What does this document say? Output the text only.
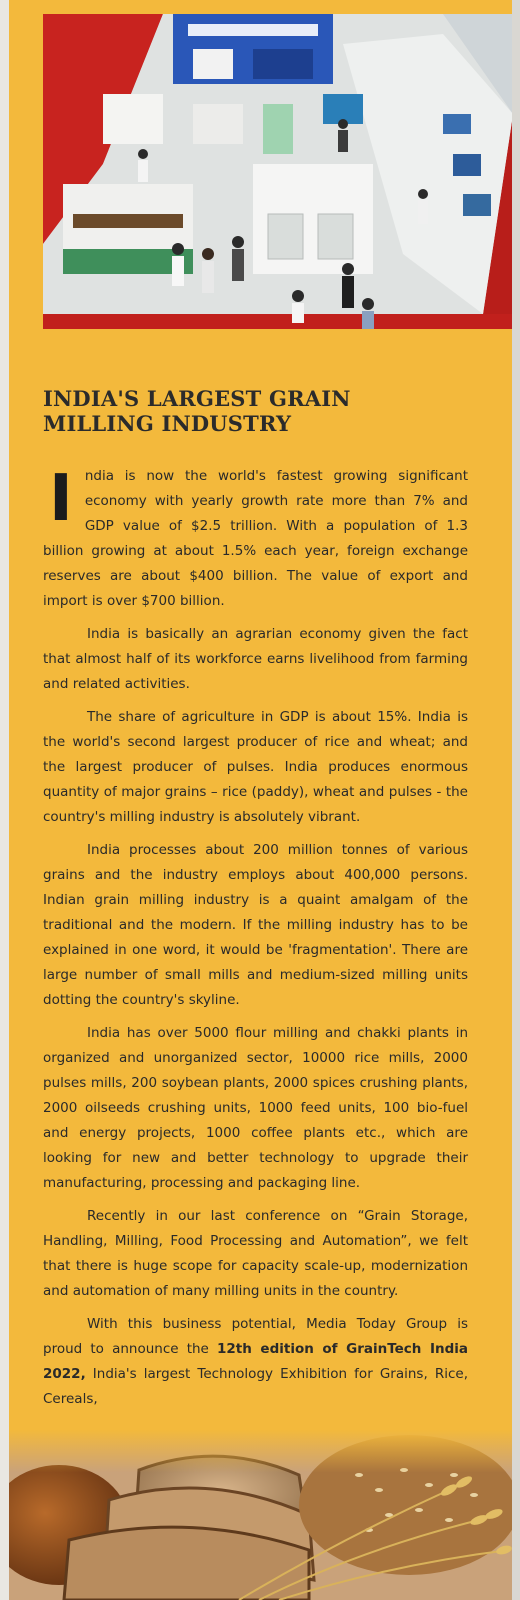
INDIA'S LARGEST GRAIN
MILLING INDUSTRY

India is now the world's fastest growing significant economy with yearly growth rate more than 7% and GDP value of $2.5 trillion. With a population of 1.3 billion growing at about 1.5% each year, foreign exchange reserves are about $400 billion. The value of export and import is over $700 billion.

India is basically an agrarian economy given the fact that almost half of its workforce earns livelihood from farming and related activities.

The share of agriculture in GDP is about 15%. India is the world's second largest producer of rice and wheat; and the largest producer of pulses. India produces enormous quantity of major grains – rice (paddy), wheat and pulses - the country's milling industry is absolutely vibrant.

India processes about 200 million tonnes of various grains and the industry employs about 400,000 persons. Indian grain milling industry is a quaint amalgam of the traditional and the modern. If the milling industry has to be explained in one word, it would be 'fragmentation'. There are large number of small mills and medium-sized milling units dotting the country's skyline.

India has over 5000 flour milling and chakki plants in organized and unorganized sector, 10000 rice mills, 2000 pulses mills, 200 soybean plants, 2000 spices crushing plants, 2000 oilseeds crushing units, 1000 feed units, 100 bio-fuel and energy projects, 1000 coffee plants etc., which are looking for new and better technology to upgrade their manufacturing, processing and packaging line.

Recently in our last conference on “Grain Storage, Handling, Milling, Food Processing and Automation”, we felt that there is huge scope for capacity scale-up, modernization and automation of many milling units in the country.

With this business potential, Media Today Group is proud to announce the 12th edition of GrainTech India 2022, India's largest Technology Exhibition for Grains, Rice, Cereals,
